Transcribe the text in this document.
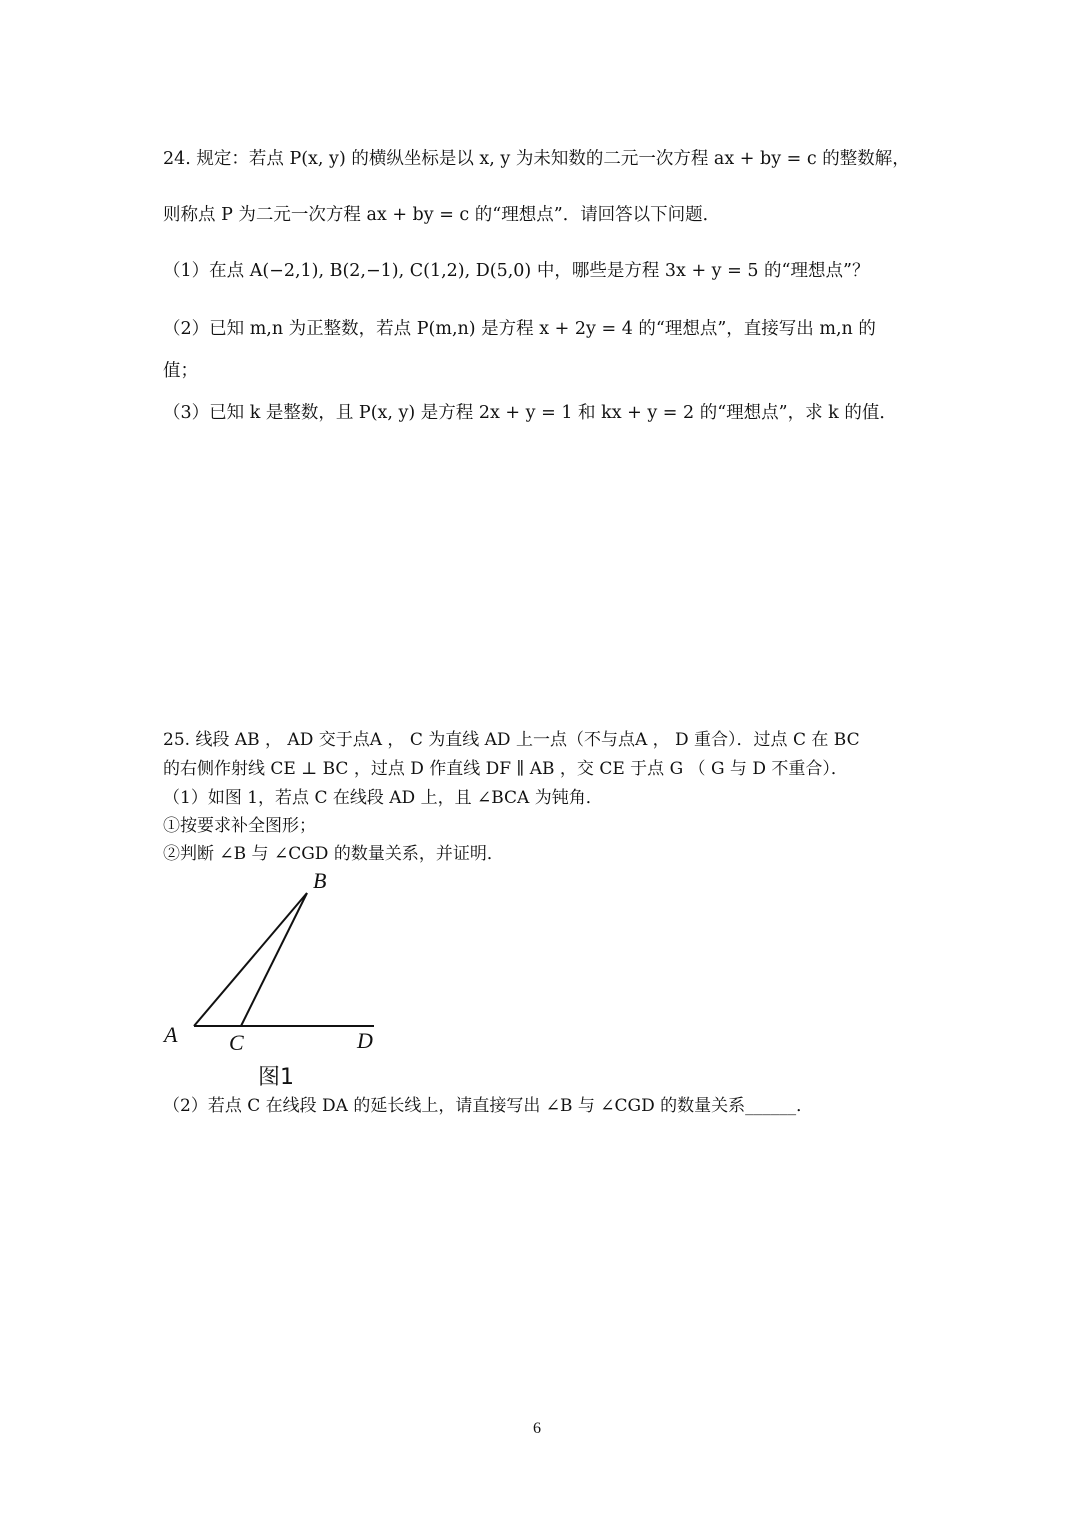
24. 规定：若点 P(x, y) 的横纵坐标是以 x, y 为未知数的二元一次方程 ax + by = c 的整数解，
则称点 P 为二元一次方程 ax + by = c 的“理想点”．请回答以下问题．
（1）在点 A(−2,1), B(2,−1), C(1,2), D(5,0) 中，哪些是方程 3x + y = 5 的“理想点”？
（2）已知 m,n 为正整数，若点 P(m,n) 是方程 x + 2y = 4 的“理想点”，直接写出 m,n 的
值；
（3）已知 k 是整数，且 P(x, y) 是方程 2x + y = 1 和 kx + y = 2 的“理想点”，求 k 的值．
25. 线段 AB ， AD 交于点A ， C 为直线 AD 上一点（不与点A ， D 重合）．过点 C 在 BC
的右侧作射线 CE ⊥ BC ，过点 D 作直线 DF ∥ AB ，交 CE 于点 G （ G 与 D 不重合）．
（1）如图 1，若点 C 在线段 AD 上，且 ∠BCA 为钝角．
①按要求补全图形；
②判断 ∠B 与 ∠CGD 的数量关系，并证明．
B
A C	D
图1
（2）若点 C 在线段 DA 的延长线上，请直接写出 ∠B 与 ∠CGD 的数量关系______．
6
